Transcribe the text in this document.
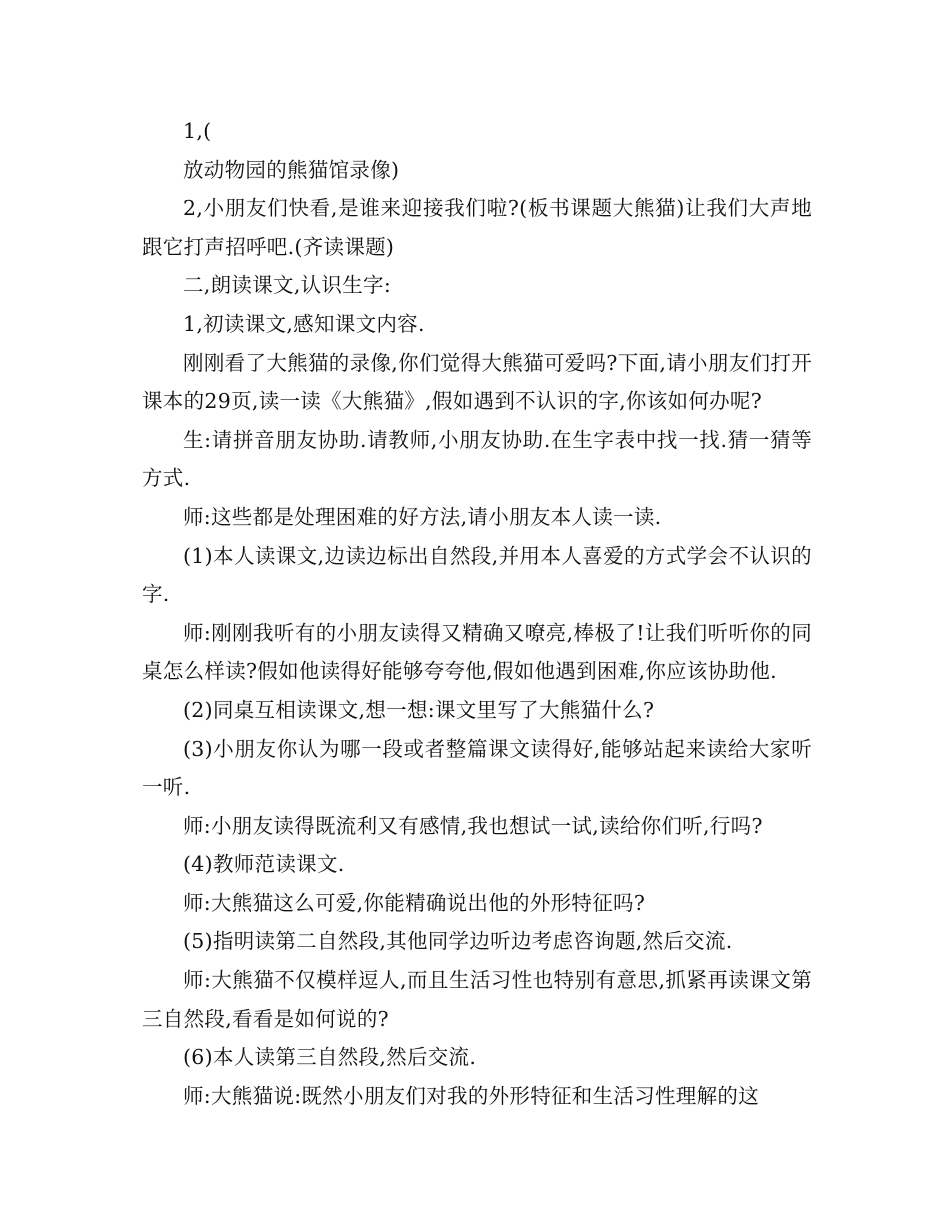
1,(

放动物园的熊猫馆录像)

2,小朋友们快看,是谁来迎接我们啦?(板书课题大熊猫)让我们大声地跟它打声招呼吧.(齐读课题)

二,朗读课文,认识生字:

1,初读课文,感知课文内容.

刚刚看了大熊猫的录像,你们觉得大熊猫可爱吗?下面,请小朋友们打开课本的29页,读一读《大熊猫》,假如遇到不认识的字,你该如何办呢?

生:请拼音朋友协助.请教师,小朋友协助.在生字表中找一找.猜一猜等方式.

师:这些都是处理困难的好方法,请小朋友本人读一读.

(1)本人读课文,边读边标出自然段,并用本人喜爱的方式学会不认识的字.

师:刚刚我听有的小朋友读得又精确又嘹亮,棒极了!让我们听听你的同桌怎么样读?假如他读得好能够夸夸他,假如他遇到困难,你应该协助他.

(2)同桌互相读课文,想一想:课文里写了大熊猫什么?

(3)小朋友你认为哪一段或者整篇课文读得好,能够站起来读给大家听一听.

师:小朋友读得既流利又有感情,我也想试一试,读给你们听,行吗?

(4)教师范读课文.

师:大熊猫这么可爱,你能精确说出他的外形特征吗?

(5)指明读第二自然段,其他同学边听边考虑咨询题,然后交流.

师:大熊猫不仅模样逗人,而且生活习性也特别有意思,抓紧再读课文第三自然段,看看是如何说的?

(6)本人读第三自然段,然后交流.

师:大熊猫说:既然小朋友们对我的外形特征和生活习性理解的这
